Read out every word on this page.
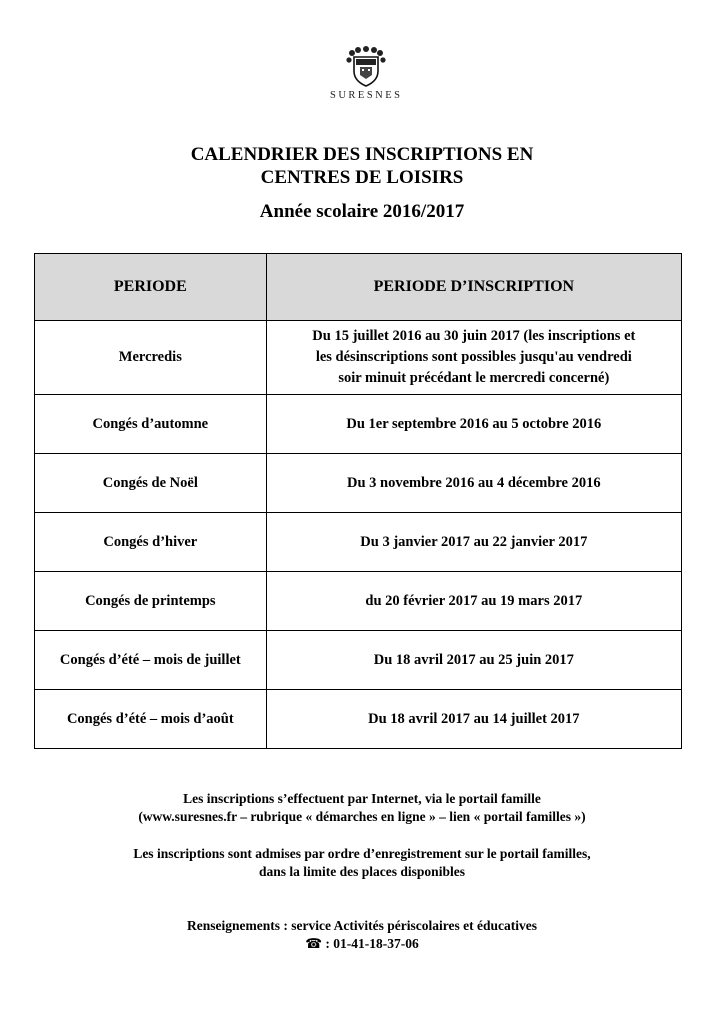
SURESNES
CALENDRIER DES INSCRIPTIONS EN
CENTRES DE LOISIRS
Année scolaire 2016/2017
PERIODE	PERIODE D’INSCRIPTION
Mercredis	Du 15 juillet 2016 au 30 juin 2017 (les inscriptions et
les désinscriptions sont possibles jusqu'au vendredi
soir minuit précédant le mercredi concerné)

Congés d’automne	Du 1er septembre 2016 au 5 octobre 2016
Congés de Noël	Du 3 novembre 2016 au 4 décembre 2016
Congés d’hiver	Du 3 janvier 2017 au 22 janvier 2017
Congés de printemps	du 20 février 2017 au 19 mars 2017
Congés d’été – mois de juillet	Du 18 avril 2017 au 25 juin 2017
Congés d’été – mois d’août	Du 18 avril 2017 au 14 juillet 2017
Les inscriptions s’effectuent par Internet, via le portail famille
(www.suresnes.fr – rubrique « démarches en ligne » – lien « portail familles »)
Les inscriptions sont admises par ordre d’enregistrement sur le portail familles,
dans la limite des places disponibles
Renseignements : service Activités périscolaires et éducatives
☎ : 01-41-18-37-06
